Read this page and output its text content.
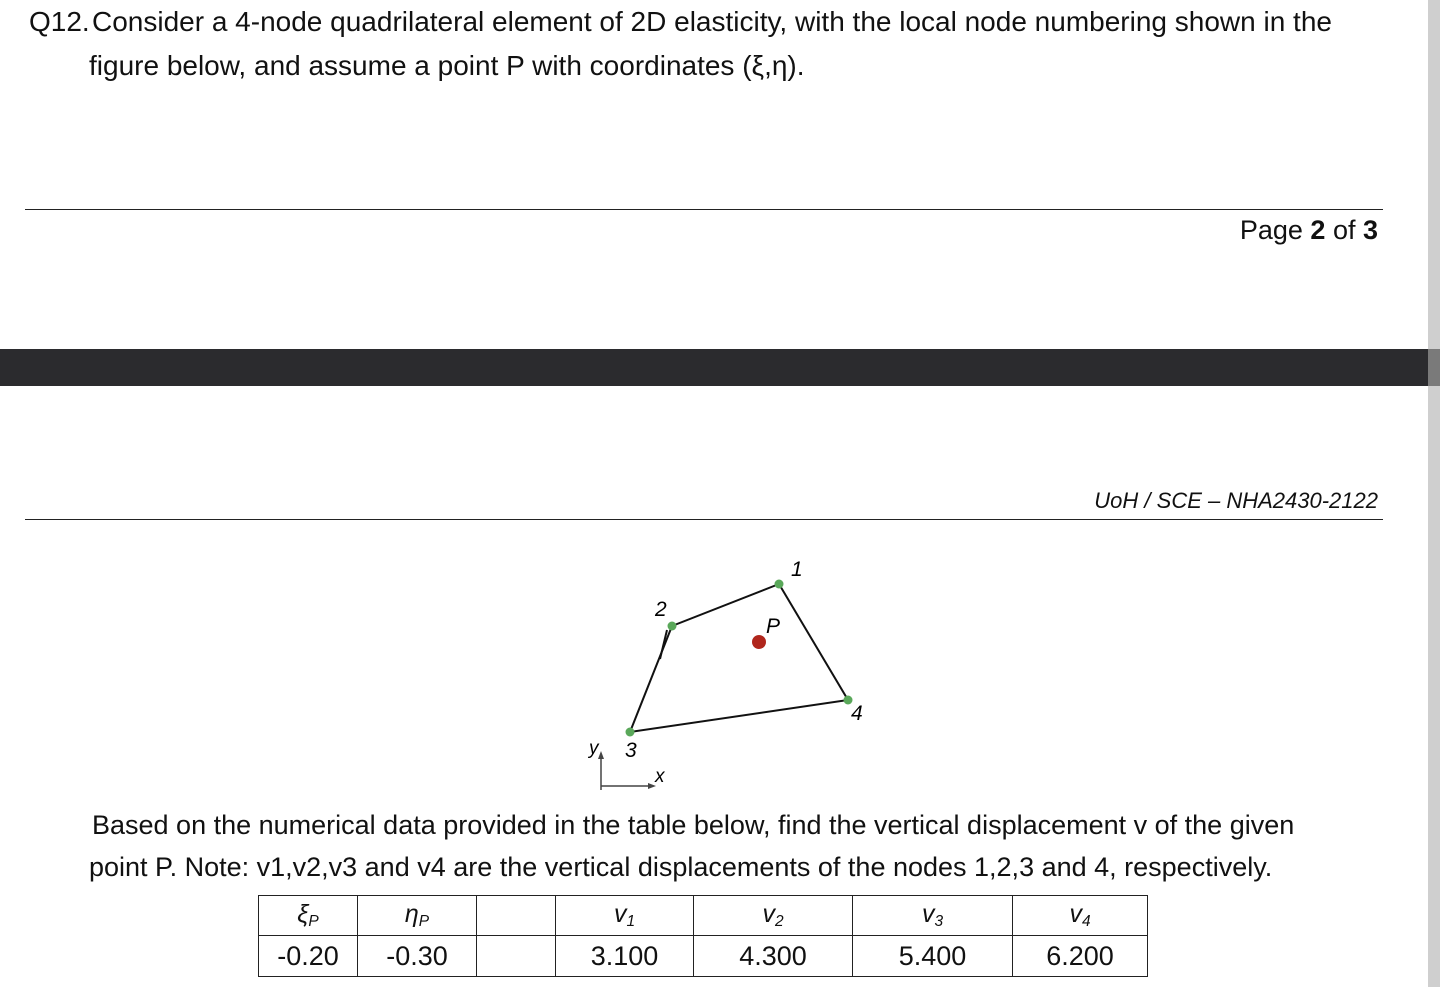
Q12. Consider a 4-node quadrilateral element of 2D elasticity, with the local node numbering shown in the
figure below, and assume a point P with coordinates (ξ,η).
Page 2 of 3
UoH / SCE – NHA2430-2122
1
2
3
4
P
y
x
Based on the numerical data provided in the table below, find the vertical displacement v of the given
point P. Note: v1,v2,v3 and v4 are the vertical displacements of the nodes 1,2,3 and 4, respectively.
$\xi_P$	$\eta_P$		$v_1$	$v_2$	$v_3$	$v_4$
-0.20	-0.30		3.100	4.300	5.400	6.200
